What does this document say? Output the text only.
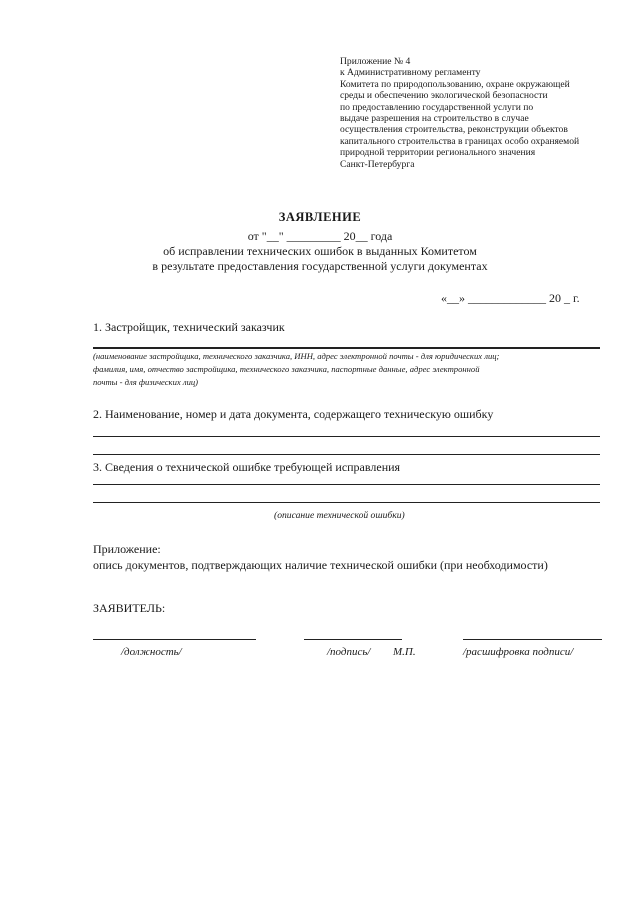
Приложение № 4
к Административному регламенту
Комитета по природопользованию, охране окружающей
среды и обеспечению экологической безопасности
по предоставлению государственной услуги по
выдаче разрешения на строительство в случае
осуществления строительства, реконструкции объектов
капитального строительства в границах особо охраняемой
природной территории регионального значения
Санкт-Петербурга
ЗАЯВЛЕНИЕ
от "__" _________ 20__ года
об исправлении технических ошибок в выданных Комитетом
в результате предоставления государственной услуги документах
«__» _____________ 20 _ г.
1. Застройщик, технический заказчик
(наименование застройщика, технического заказчика, ИНН, адрес электронной почты - для юридических лиц;
фамилия, имя, отчество застройщика, технического заказчика, паспортные данные, адрес электронной
почты - для физических лиц)
2. Наименование, номер и дата документа, содержащего техническую ошибку
3. Сведения о технической ошибке требующей исправления
(описание технической ошибки)
Приложение:
опись документов, подтверждающих наличие технической ошибки (при необходимости)
ЗАЯВИТЕЛЬ:
/должность/	/подпись/ М.П.	/расшифровка подписи/
